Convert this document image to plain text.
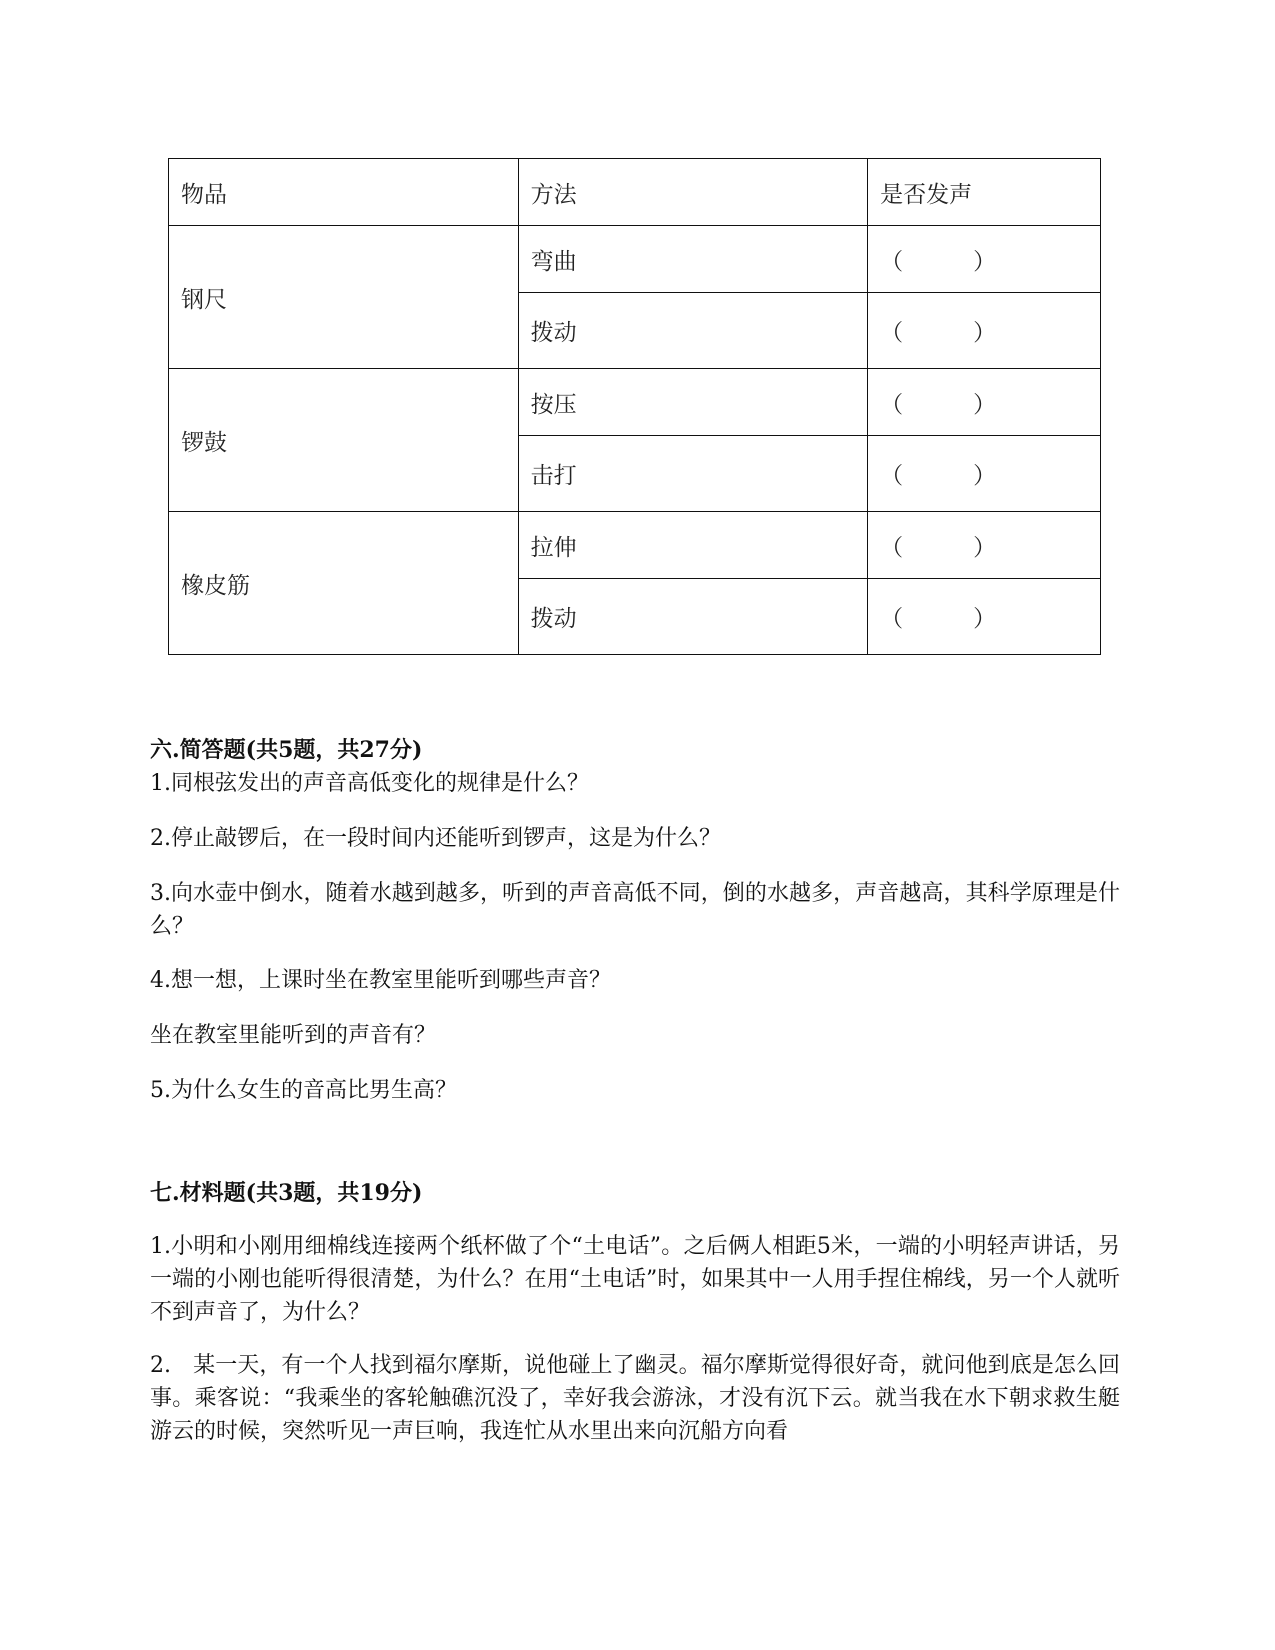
物品	方法	是否发声
钢尺	弯曲	（ ）
	拨动	（ ）
锣鼓	按压	（ ）
	击打	（ ）
橡皮筋	拉伸	（ ）
	拨动	（ ）
六.简答题(共5题，共27分)
1.同根弦发出的声音高低变化的规律是什么？
2.停止敲锣后，在一段时间内还能听到锣声，这是为什么？
3.向水壶中倒水，随着水越到越多，听到的声音高低不同，倒的水越多，声音越高，其科学原理是什么？
4.想一想，上课时坐在教室里能听到哪些声音？
坐在教室里能听到的声音有？
5.为什么女生的音高比男生高？
七.材料题(共3题，共19分)
1.小明和小刚用细棉线连接两个纸杯做了个“土电话”。之后俩人相距5米，一端的小明轻声讲话，另一端的小刚也能听得很清楚，为什么？在用“土电话”时，如果其中一人用手捏住棉线，另一个人就听不到声音了，为什么？
2.　某一天，有一个人找到福尔摩斯，说他碰上了幽灵。福尔摩斯觉得很好奇，就问他到底是怎么回事。乘客说：“我乘坐的客轮触礁沉没了，幸好我会游泳，才没有沉下云。就当我在水下朝求救生艇游云的时候，突然听见一声巨响，我连忙从水里出来向沉船方向看
